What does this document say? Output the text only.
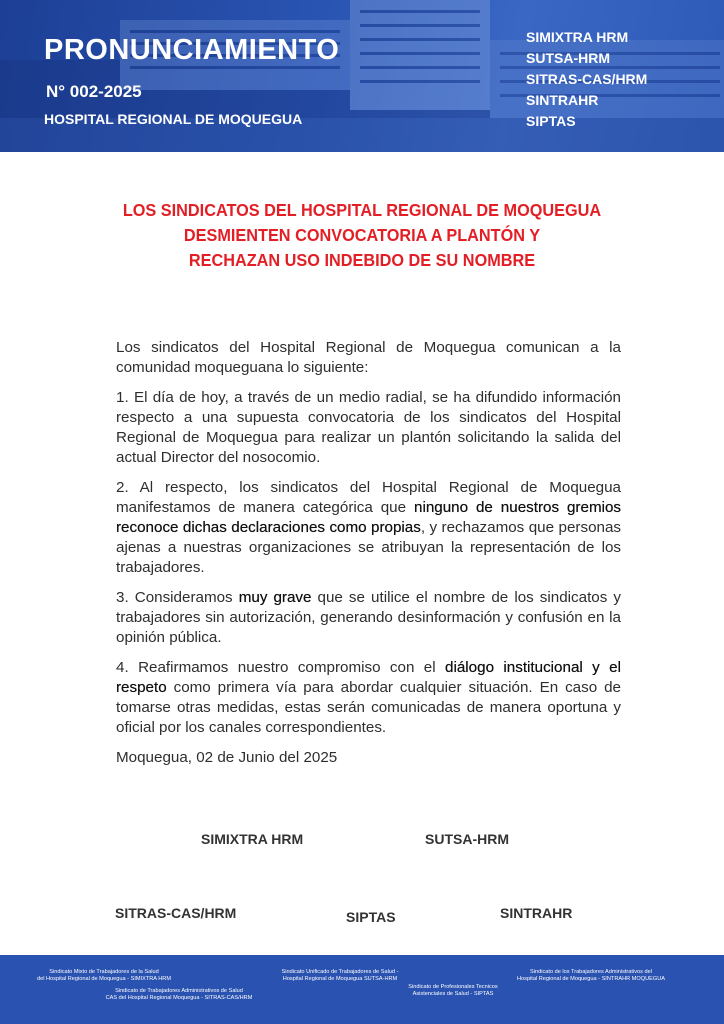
PRONUNCIAMIENTO
N° 002-2025
HOSPITAL REGIONAL DE MOQUEGUA
SIMIXTRA HRM
SUTSA-HRM
SITRAS-CAS/HRM
SINTRAHR
SIPTAS
LOS SINDICATOS DEL HOSPITAL REGIONAL DE MOQUEGUA
DESMIENTEN CONVOCATORIA A PLANTÓN Y
RECHAZAN USO INDEBIDO DE SU NOMBRE

Los sindicatos del Hospital Regional de Moquegua comunican a la comunidad moqueguana lo siguiente:

1. El día de hoy, a través de un medio radial, se ha difundido información respecto a una supuesta convocatoria de los sindicatos del Hospital Regional de Moquegua para realizar un plantón solicitando la salida del actual Director del nosocomio.

2. Al respecto, los sindicatos del Hospital Regional de Moquegua manifestamos de manera categórica que ninguno de nuestros gremios reconoce dichas declaraciones como propias, y rechazamos que personas ajenas a nuestras organizaciones se atribuyan la representación de los trabajadores.

3. Consideramos muy grave que se utilice el nombre de los sindicatos y trabajadores sin autorización, generando desinformación y confusión en la opinión pública.

4. Reafirmamos nuestro compromiso con el diálogo institucional y el respeto como primera vía para abordar cualquier situación. En caso de tomarse otras medidas, estas serán comunicadas de manera oportuna y oficial por los canales correspondientes.

Moquegua, 02 de Junio del 2025

SIMIXTRA HRM	SUTSA-HRM
SITRAS-CAS/HRM	SIPTAS	SINTRAHR
Sindicato Mixto de Trabajadores de la Salud
del Hospital Regional de Moquegua - SIMIXTRA HRM
Sindicato de Trabajadores Administrativos de Salud
CAS del Hospital Regional Moquegua - SITRAS-CAS/HRM
Sindicato Unificado de Trabajadores de Salud -
Hospital Regional de Moquegua SUTSA-HRM
Sindicato de Profesionales Tecnicos
Asistenciales de Salud - SIPTAS
Sindicato de los Trabajadores Administrativos del
Hospital Regional de Moquegua - SINTRAHR MOQUEGUA
